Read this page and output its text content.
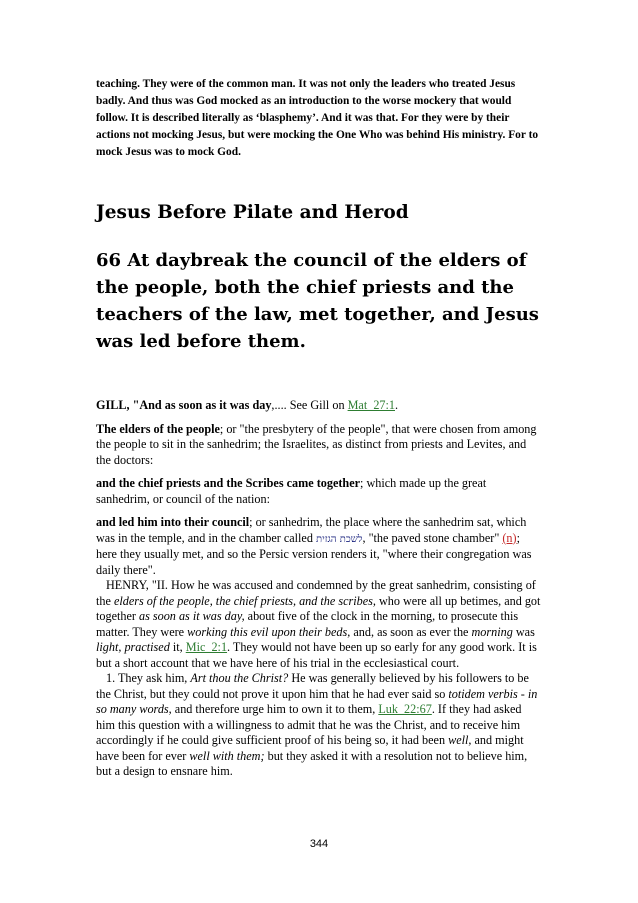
teaching. They were of the common man. It was not only the leaders who treated Jesus badly. And thus was God mocked as an introduction to the worse mockery that would follow. It is described literally as ‘blasphemy’. And it was that. For they were by their actions not mocking Jesus, but were mocking the One Who was behind His ministry. For to mock Jesus was to mock God.
Jesus Before Pilate and Herod
66 At daybreak the council of the elders of the people, both the chief priests and the teachers of the law, met together, and Jesus was led before them.

GILL, "And as soon as it was day,.... See Gill on Mat_27:1.

The elders of the people; or "the presbytery of the people", that were chosen from among the people to sit in the sanhedrim; the Israelites, as distinct from priests and Levites, and the doctors:

and the chief priests and the Scribes came together; which made up the great sanhedrim, or council of the nation:

and led him into their council; or sanhedrim, the place where the sanhedrim sat, which was in the temple, and in the chamber called לשכת הגזית, "the paved stone chamber" (n); here they usually met, and so the Persic version renders it, "where their congregation was daily there".

HENRY, "II. How he was accused and condemned by the great sanhedrim, consisting of the elders of the people, the chief priests, and the scribes, who were all up betimes, and got together as soon as it was day, about five of the clock in the morning, to prosecute this matter. They were working this evil upon their beds, and, as soon as ever the morning was light, practised it, Mic_2:1. They would not have been up so early for any good work. It is but a short account that we have here of his trial in the ecclesiastical court.

1. They ask him, Art thou the Christ? He was generally believed by his followers to be the Christ, but they could not prove it upon him that he had ever said so totidem verbis - in so many words, and therefore urge him to own it to them, Luk_22:67. If they had asked him this question with a willingness to admit that he was the Christ, and to receive him accordingly if he could give sufficient proof of his being so, it had been well, and might have been for ever well with them; but they asked it with a resolution not to believe him, but a design to ensnare him.

344
